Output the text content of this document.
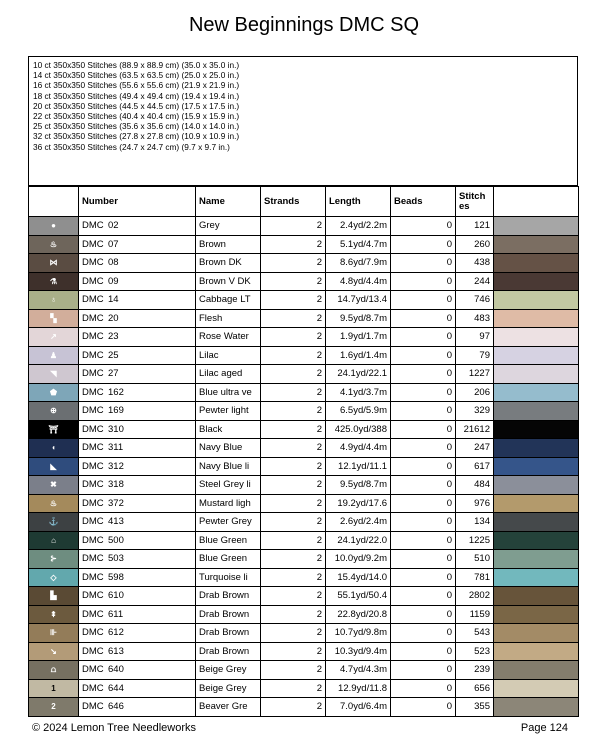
New Beginnings DMC SQ
10 ct 350x350 Stitches (88.9 x 88.9 cm) (35.0 x 35.0 in.)
14 ct 350x350 Stitches (63.5 x 63.5 cm) (25.0 x 25.0 in.)
16 ct 350x350 Stitches (55.6 x 55.6 cm) (21.9 x 21.9 in.)
18 ct 350x350 Stitches (49.4 x 49.4 cm) (19.4 x 19.4 in.)
20 ct 350x350 Stitches (44.5 x 44.5 cm) (17.5 x 17.5 in.)
22 ct 350x350 Stitches (40.4 x 40.4 cm) (15.9 x 15.9 in.)
25 ct 350x350 Stitches (35.6 x 35.6 cm) (14.0 x 14.0 in.)
32 ct 350x350 Stitches (27.8 x 27.8 cm) (10.9 x 10.9 in.)
36 ct 350x350 Stitches (24.7 x 24.7 cm) (9.7 x 9.7 in.)
	Number	Name	Strands	Length	Beads	Stitch es	
●	DMC 02	Grey	2	2.4yd/2.2m	0	121	
♨	DMC 07	Brown	2	5.1yd/4.7m	0	260	
⋈	DMC 08	Brown DK	2	8.6yd/7.9m	0	438	
⚗	DMC 09	Brown V DK	2	4.8yd/4.4m	0	244	
♁	DMC 14	Cabbage LT	2	14.7yd/13.4	0	746	
▚	DMC 20	Flesh	2	9.5yd/8.7m	0	483	
↗	DMC 23	Rose Water	2	1.9yd/1.7m	0	97	
♟	DMC 25	Lilac	2	1.6yd/1.4m	0	79	
◥	DMC 27	Lilac aged	2	24.1yd/22.1	0	1227	
⬟	DMC 162	Blue ultra ve	2	4.1yd/3.7m	0	206	
⊕	DMC 169	Pewter light	2	6.5yd/5.9m	0	329	
⛩	DMC 310	Black	2	425.0yd/388	0	21612	
◖	DMC 311	Navy Blue	2	4.9yd/4.4m	0	247	
◣	DMC 312	Navy Blue li	2	12.1yd/11.1	0	617	
✖	DMC 318	Steel Grey li	2	9.5yd/8.7m	0	484	
♨	DMC 372	Mustard ligh	2	19.2yd/17.6	0	976	
⚓	DMC 413	Pewter Grey	2	2.6yd/2.4m	0	134	
⌂	DMC 500	Blue Green	2	24.1yd/22.0	0	1225	
⊱	DMC 503	Blue Green	2	10.0yd/9.2m	0	510	
◇	DMC 598	Turquoise li	2	15.4yd/14.0	0	781	
▙	DMC 610	Drab Brown	2	55.1yd/50.4	0	2802	
⇞	DMC 611	Drab Brown	2	22.8yd/20.8	0	1159	
⊪	DMC 612	Drab Brown	2	10.7yd/9.8m	0	543	
↘	DMC 613	Drab Brown	2	10.3yd/9.4m	0	523	
⩍	DMC 640	Beige Grey	2	4.7yd/4.3m	0	239	
1	DMC 644	Beige Grey	2	12.9yd/11.8	0	656	
2	DMC 646	Beaver Gre	2	7.0yd/6.4m	0	355	
© 2024 Lemon Tree Needleworks	Page 124
